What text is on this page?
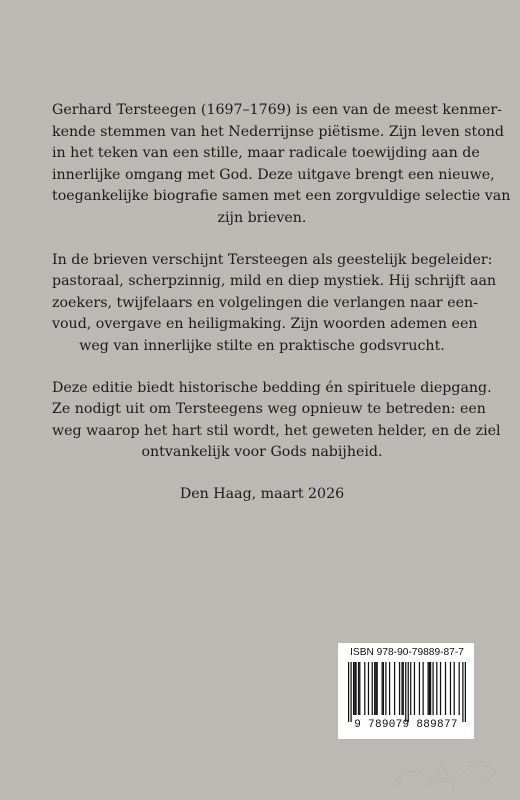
Gerhard Tersteegen (1697–1769) is een van de meest kenmer-
kende stemmen van het Nederrijnse piëtisme. Zijn leven stond
in het teken van een stille, maar radicale toewijding aan de
innerlijke omgang met God. Deze uitgave brengt een nieuwe,
toegankelijke biografie samen met een zorgvuldige selectie van
zijn brieven.

In de brieven verschijnt Tersteegen als geestelijk begeleider:
pastoraal, scherpzinnig, mild en diep mystiek. Hij schrijft aan
zoekers, twijfelaars en volgelingen die verlangen naar een-
voud, overgave en heiligmaking. Zijn woorden ademen een
weg van innerlijke stilte en praktische godsvrucht.

Deze editie biedt historische bedding én spirituele diepgang.
Ze nodigt uit om Tersteegens weg opnieuw te betreden: een
weg waarop het hart stil wordt, het geweten helder, en de ziel
ontvankelijk voor Gods nabijheid.

Den Haag, maart 2026

ISBN 978-90-79889-87-7
9 789079 889877
